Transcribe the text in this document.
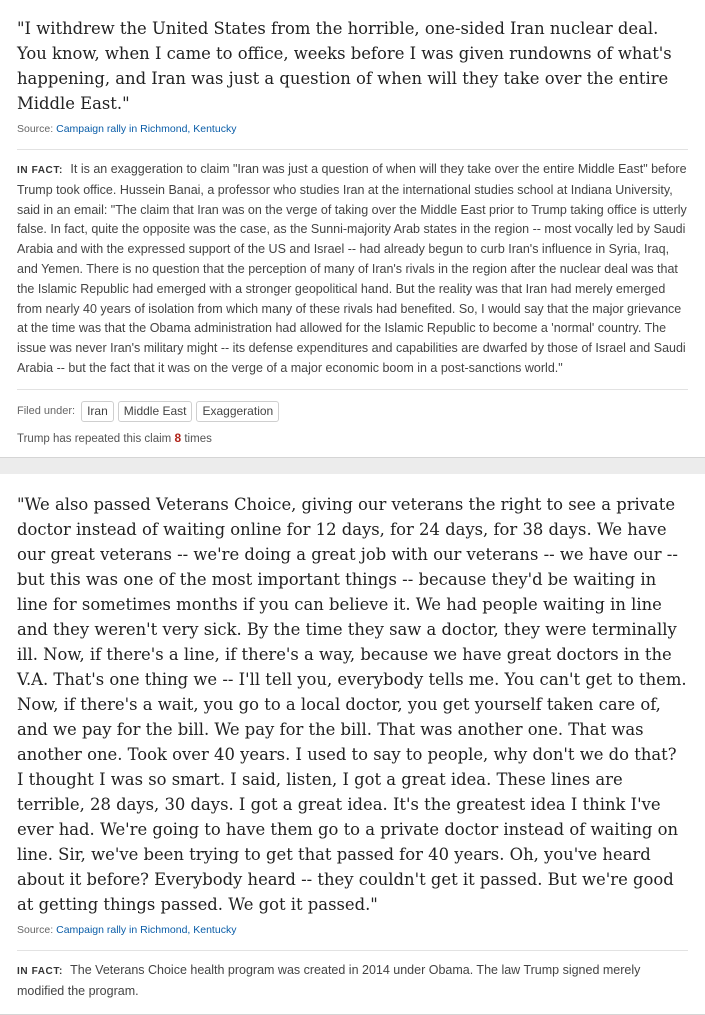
"I withdrew the United States from the horrible, one-sided Iran nuclear deal. You know, when I came to office, weeks before I was given rundowns of what's happening, and Iran was just a question of when will they take over the entire Middle East."

Source: Campaign rally in Richmond, Kentucky

IN FACT: It is an exaggeration to claim "Iran was just a question of when will they take over the entire Middle East" before Trump took office. Hussein Banai, a professor who studies Iran at the international studies school at Indiana University, said in an email: "The claim that Iran was on the verge of taking over the Middle East prior to Trump taking office is utterly false. In fact, quite the opposite was the case, as the Sunni-majority Arab states in the region -- most vocally led by Saudi Arabia and with the expressed support of the US and Israel -- had already begun to curb Iran's influence in Syria, Iraq, and Yemen. There is no question that the perception of many of Iran's rivals in the region after the nuclear deal was that the Islamic Republic had emerged with a stronger geopolitical hand. But the reality was that Iran had merely emerged from nearly 40 years of isolation from which many of these rivals had benefited. So, I would say that the major grievance at the time was that the Obama administration had allowed for the Islamic Republic to become a 'normal' country. The issue was never Iran's military might -- its defense expenditures and capabilities are dwarfed by those of Israel and Saudi Arabia -- but the fact that it was on the verge of a major economic boom in a post-sanctions world."

Filed under:	Iran	Middle East	Exaggeration
Trump has repeated this claim 8 times

"We also passed Veterans Choice, giving our veterans the right to see a private doctor instead of waiting online for 12 days, for 24 days, for 38 days. We have our great veterans -- we're doing a great job with our veterans -- we have our -- but this was one of the most important things -- because they'd be waiting in line for sometimes months if you can believe it. We had people waiting in line and they weren't very sick. By the time they saw a doctor, they were terminally ill. Now, if there's a line, if there's a way, because we have great doctors in the V.A. That's one thing we -- I'll tell you, everybody tells me. You can't get to them. Now, if there's a wait, you go to a local doctor, you get yourself taken care of, and we pay for the bill. We pay for the bill. That was another one. That was another one. Took over 40 years. I used to say to people, why don't we do that? I thought I was so smart. I said, listen, I got a great idea. These lines are terrible, 28 days, 30 days. I got a great idea. It's the greatest idea I think I've ever had. We're going to have them go to a private doctor instead of waiting on line. Sir, we've been trying to get that passed for 40 years. Oh, you've heard about it before? Everybody heard -- they couldn't get it passed. But we're good at getting things passed. We got it passed."

Source: Campaign rally in Richmond, Kentucky

IN FACT: The Veterans Choice health program was created in 2014 under Obama. The law Trump signed merely modified the program.
